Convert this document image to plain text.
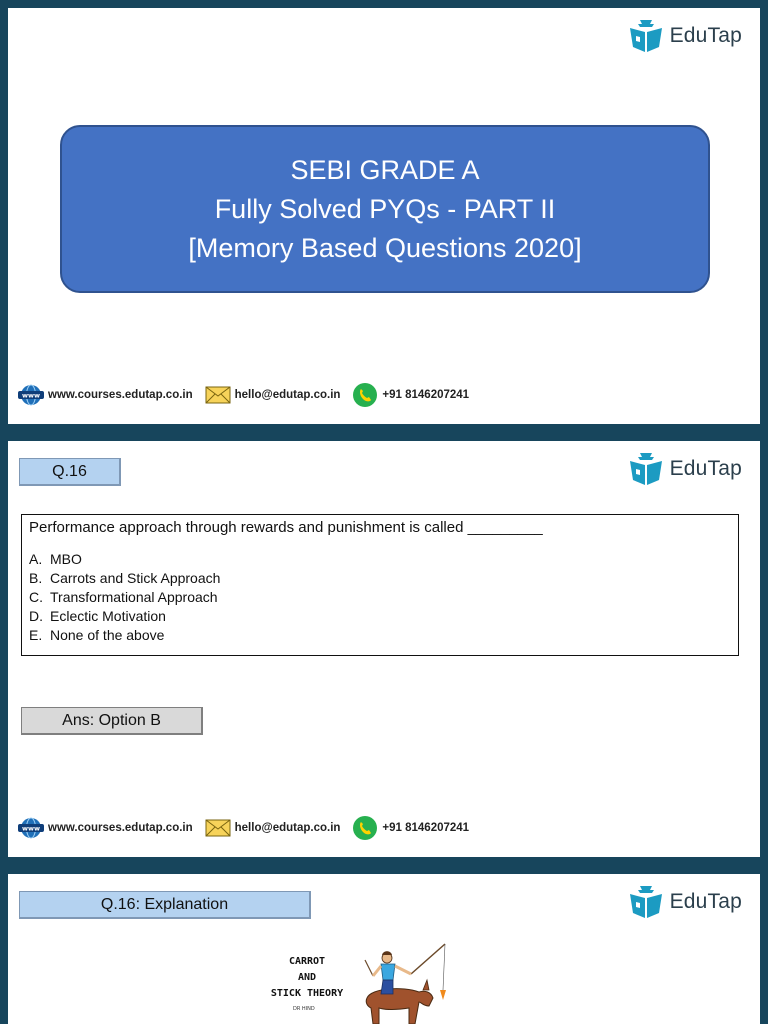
EduTap
SEBI GRADE A
Fully Solved PYQs - PART II
[Memory Based Questions 2020]
www www.courses.edutap.co.in	hello@edutap.co.in	+91 8146207241
Q.16	EduTap
Performance approach through rewards and punishment is called _________
A. MBO
B. Carrots and Stick Approach
C. Transformational Approach
D. Eclectic Motivation
E. None of the above
Ans: Option B
www www.courses.edutap.co.in	hello@edutap.co.in	+91 8146207241
Q.16: Explanation	EduTap
CARROT
AND
STICK THEORY
DR HIND
